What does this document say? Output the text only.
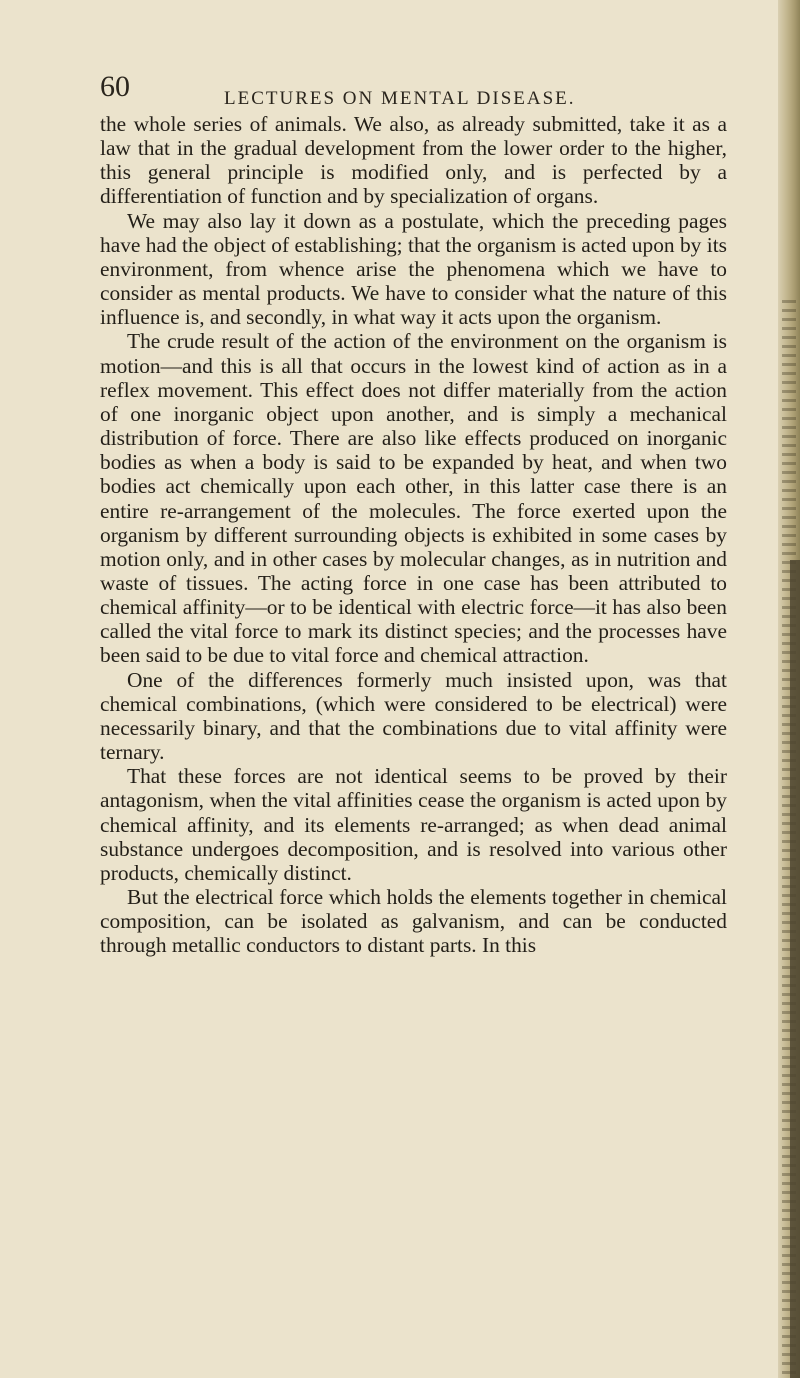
60	LECTURES ON MENTAL DISEASE.

the whole series of animals. We also, as already submitted, take it as a law that in the gradual development from the lower order to the higher, this general principle is modified only, and is perfected by a differentiation of function and by specialization of organs.

We may also lay it down as a postulate, which the preceding pages have had the object of establishing; that the organism is acted upon by its environment, from whence arise the phenomena which we have to consider as mental products. We have to consider what the nature of this influence is, and secondly, in what way it acts upon the organism.

The crude result of the action of the environment on the organism is motion—and this is all that occurs in the lowest kind of action as in a reflex movement. This effect does not differ materially from the action of one inorganic object upon another, and is simply a mechanical distribution of force. There are also like effects produced on inorganic bodies as when a body is said to be expanded by heat, and when two bodies act chemically upon each other, in this latter case there is an entire re-arrangement of the molecules. The force exerted upon the organism by different surrounding objects is exhibited in some cases by motion only, and in other cases by molecular changes, as in nutrition and waste of tissues. The acting force in one case has been attributed to chemical affinity—or to be identical with electric force—it has also been called the vital force to mark its distinct species; and the processes have been said to be due to vital force and chemical attraction.

One of the differences formerly much insisted upon, was that chemical combinations, (which were considered to be electrical) were necessarily binary, and that the combinations due to vital affinity were ternary.

That these forces are not identical seems to be proved by their antagonism, when the vital affinities cease the organism is acted upon by chemical affinity, and its elements re-arranged; as when dead animal substance undergoes decomposition, and is resolved into various other products, chemically distinct.

But the electrical force which holds the elements together in chemical composition, can be isolated as galvanism, and can be conducted through metallic conductors to distant parts. In this
